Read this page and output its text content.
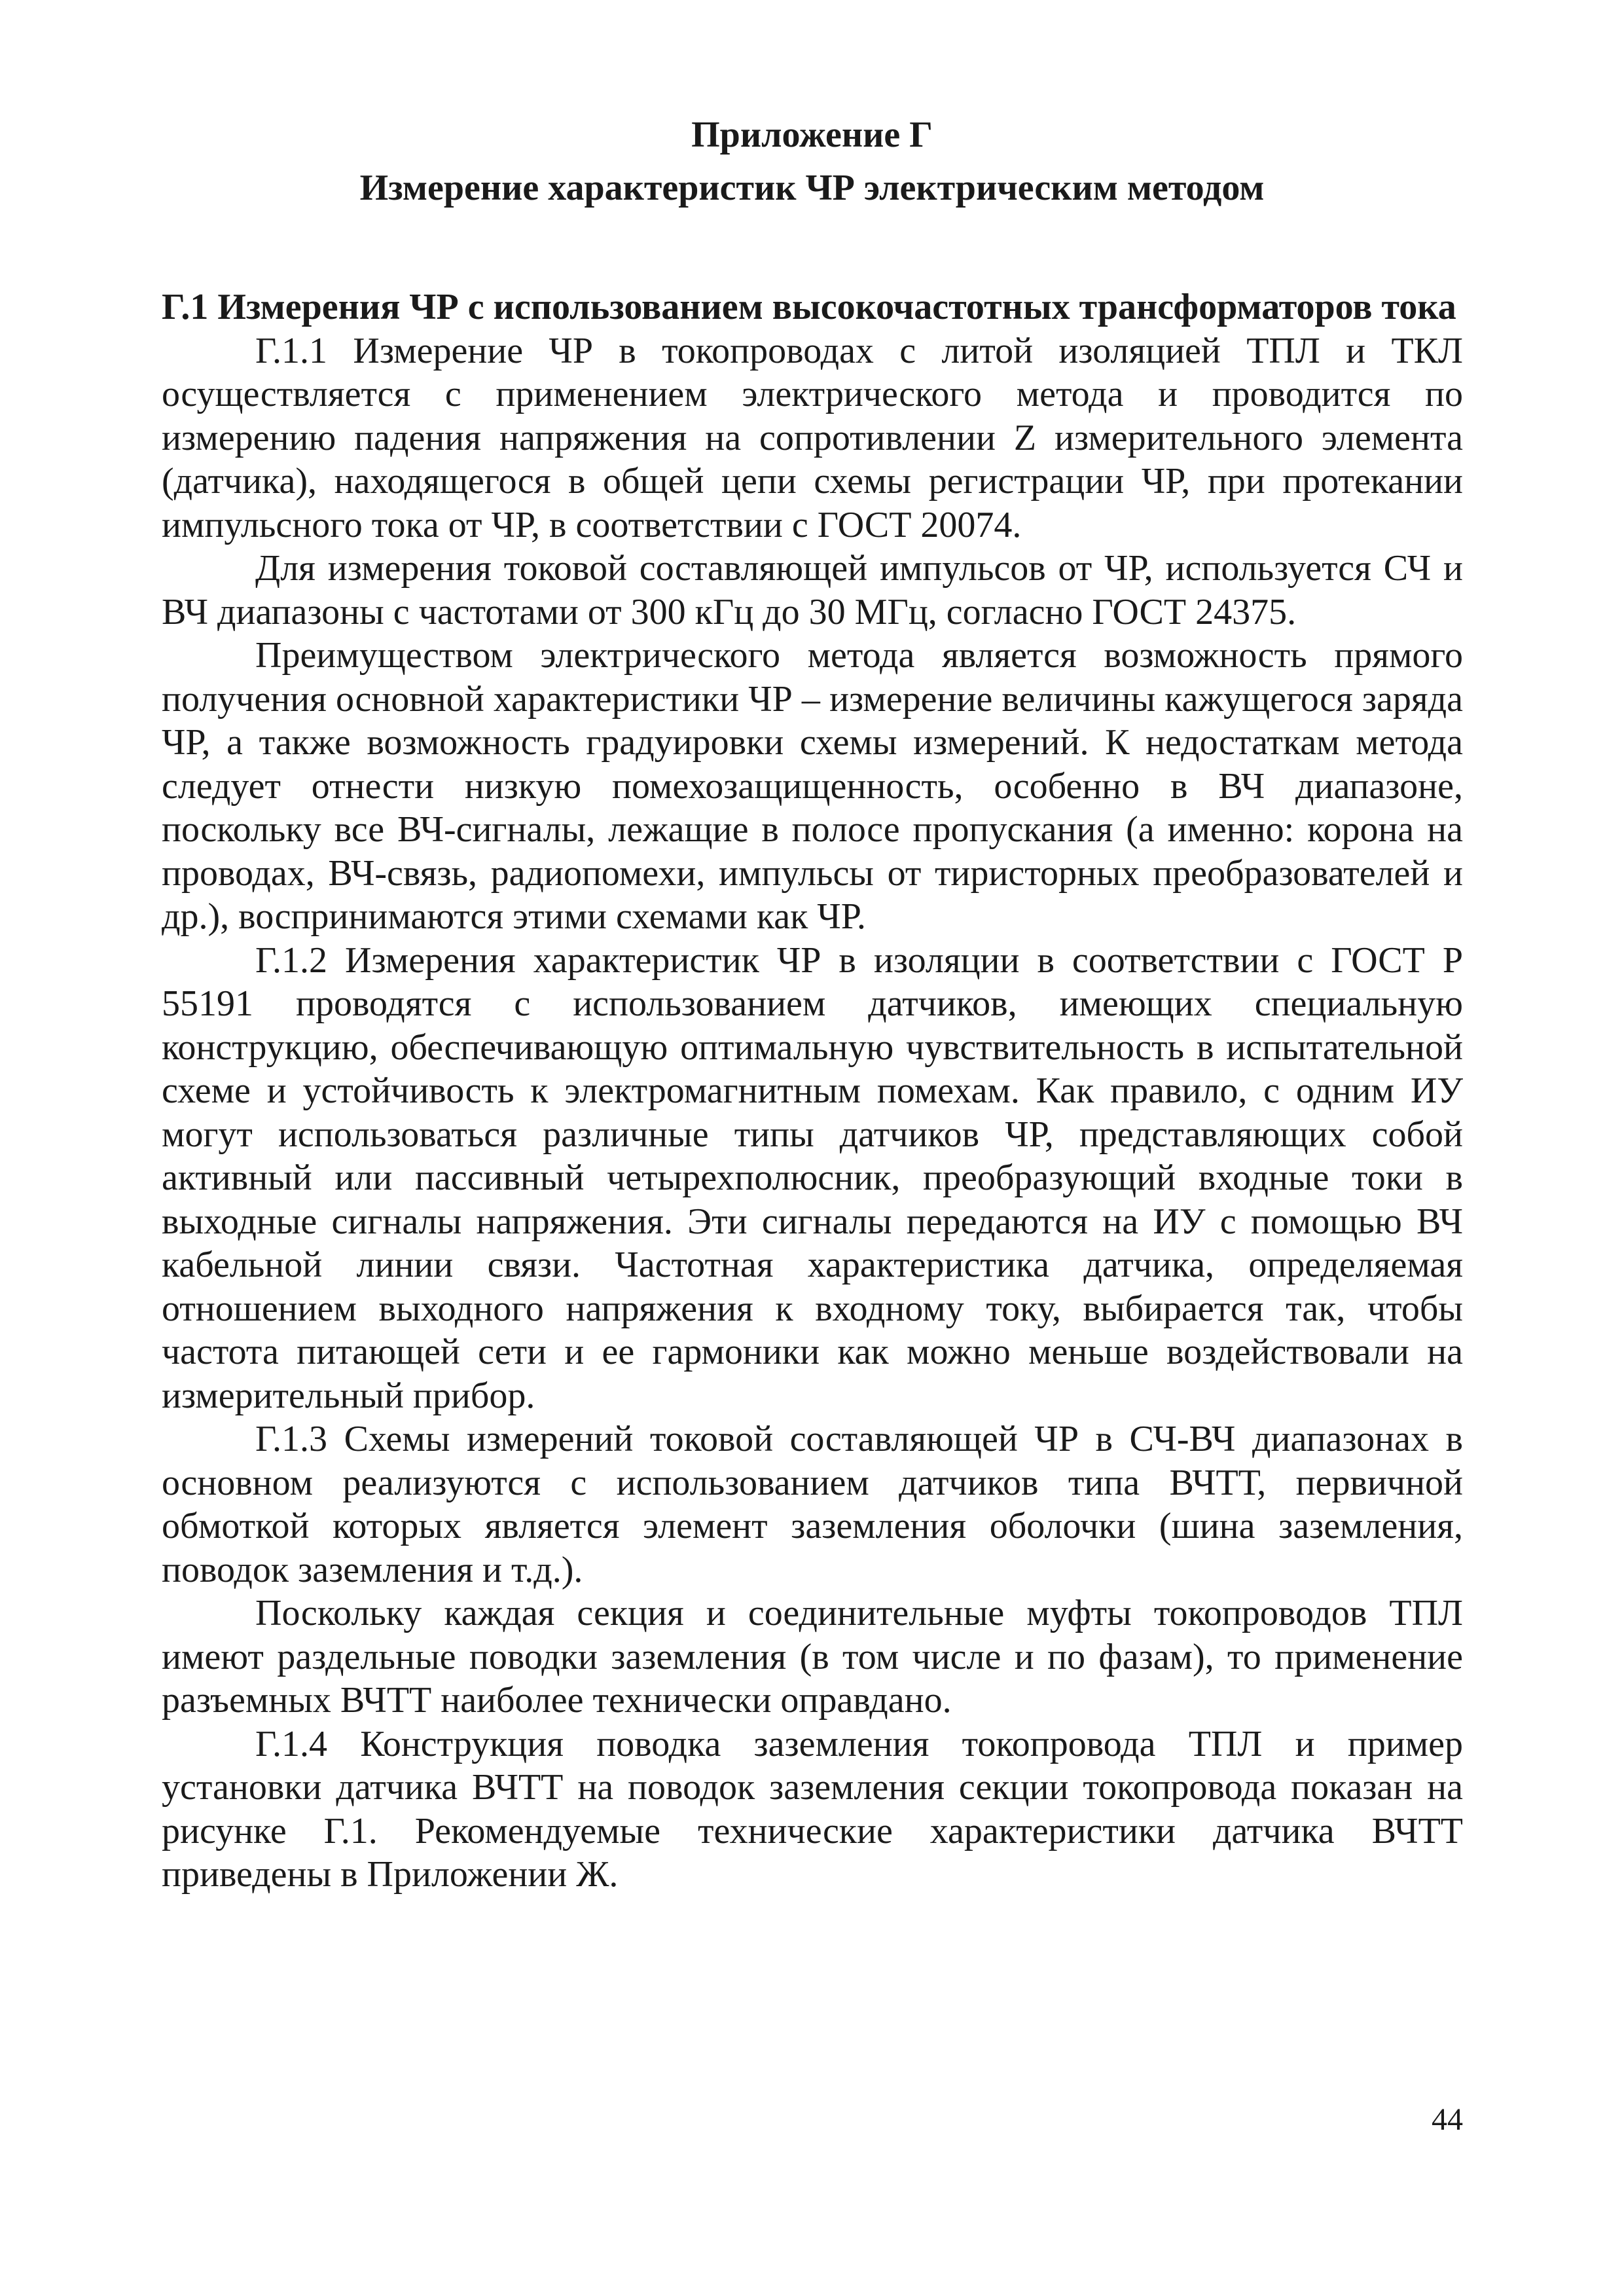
Приложение Г
Измерение характеристик ЧР электрическим методом

Г.1 Измерения ЧР с использованием высокочастотных трансформаторов тока

Г.1.1 Измерение ЧР в токопроводах с литой изоляцией ТПЛ и ТКЛ осуществляется с применением электрического метода и проводится по измерению падения напряжения на сопротивлении Z измерительного элемента (датчика), находящегося в общей цепи схемы регистрации ЧР, при протекании импульсного тока от ЧР, в соответствии с ГОСТ 20074.

Для измерения токовой составляющей импульсов от ЧР, используется СЧ и ВЧ диапазоны с частотами от 300 кГц до 30 МГц, согласно ГОСТ 24375.

Преимуществом электрического метода является возможность прямого получения основной характеристики ЧР – измерение величины кажущегося заряда ЧР, а также возможность градуировки схемы измерений. К недостаткам метода следует отнести низкую помехозащищенность, особенно в ВЧ диапазоне, поскольку все ВЧ-сигналы, лежащие в полосе пропускания (а именно: корона на проводах, ВЧ-связь, радиопомехи, импульсы от тиристорных преобразователей и др.), воспринимаются этими схемами как ЧР.

Г.1.2 Измерения характеристик ЧР в изоляции в соответствии с ГОСТ Р 55191 проводятся с использованием датчиков, имеющих специальную конструкцию, обеспечивающую оптимальную чувствительность в испытательной схеме и устойчивость к электромагнитным помехам. Как правило, с одним ИУ могут использоваться различные типы датчиков ЧР, представляющих собой активный или пассивный четырехполюсник, преобразующий входные токи в выходные сигналы напряжения. Эти сигналы передаются на ИУ с помощью ВЧ кабельной линии связи. Частотная характеристика датчика, определяемая отношением выходного напряжения к входному току, выбирается так, чтобы частота питающей сети и ее гармоники как можно меньше воздействовали на измерительный прибор.

Г.1.3 Схемы измерений токовой составляющей ЧР в СЧ-ВЧ диапазонах в основном реализуются с использованием датчиков типа ВЧТТ, первичной обмоткой которых является элемент заземления оболочки (шина заземления, поводок заземления и т.д.).

Поскольку каждая секция и соединительные муфты токопроводов ТПЛ имеют раздельные поводки заземления (в том числе и по фазам), то применение разъемных ВЧТТ наиболее технически оправдано.

Г.1.4 Конструкция поводка заземления токопровода ТПЛ и пример установки датчика ВЧТТ на поводок заземления секции токопровода показан на рисунке Г.1. Рекомендуемые технические характеристики датчика ВЧТТ приведены в Приложении Ж.

44
